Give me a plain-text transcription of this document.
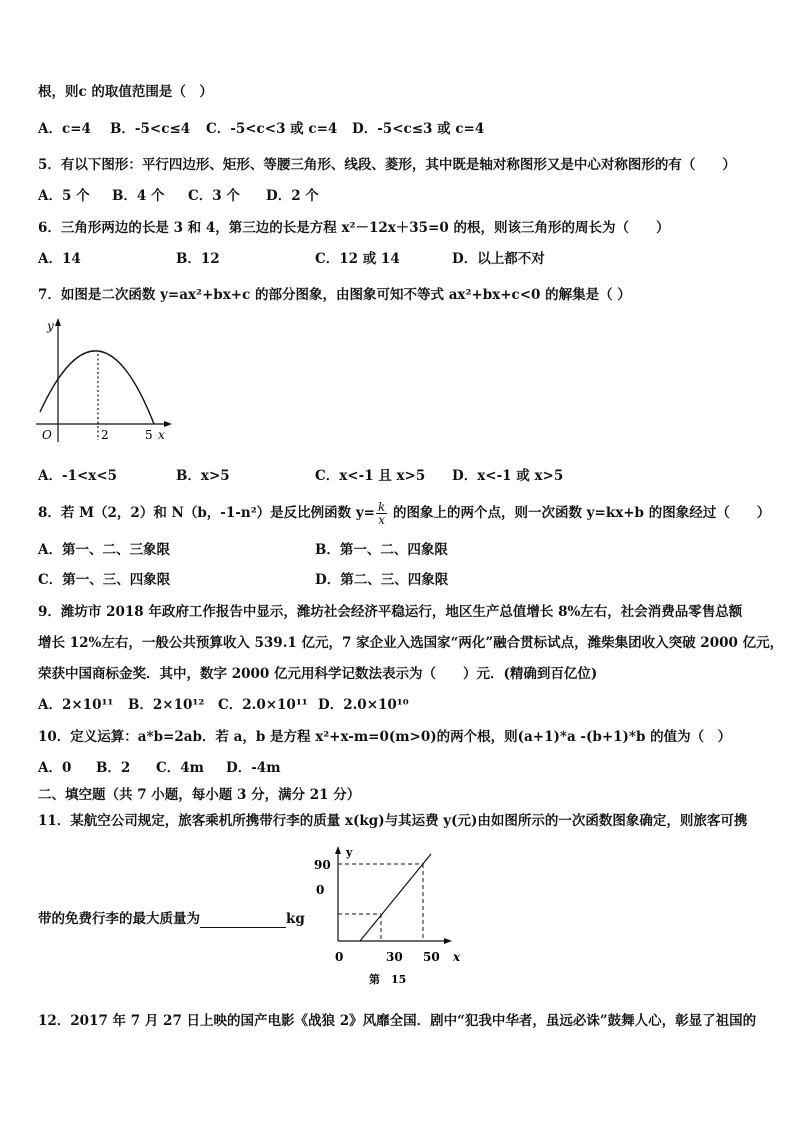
根，则c 的取值范围是（　）
A．c=4 B．-5<c≤4 C．-5<c<3 或 c=4 D．-5<c≤3 或 c=4
5．有以下图形：平行四边形、矩形、等腰三角形、线段、菱形，其中既是轴对称图形又是中心对称图形的有（　　）
A．5 个 B．4 个 C．3 个 D．2 个
6．三角形两边的长是 3 和 4，第三边的长是方程 x²－12x＋35=0 的根，则该三角形的周长为（　　）
A．14	B．12	C．12 或 14	D．以上都不对
7．如图是二次函数 y=ax²+bx+c 的部分图象，由图象可知不等式 ax²+bx+c<0 的解集是（ ）
y
O	2	5 x
A．-1<x<5	B．x>5	C．x<-1 且 x>5 D．x<-1 或 x>5
8．若 M（2，2）和 N（b，-1-n²）是反比例函数 $y= \frac{k}{x}$ 的图象上的两个点，则一次函数 y=kx+b 的图象经过（　　）
A．第一、二、三象限	B．第一、二、四象限
C．第一、三、四象限	D．第二、三、四象限
9．潍坊市 2018 年政府工作报告中显示，潍坊社会经济平稳运行，地区生产总值增长 8%左右，社会消费品零售总额
增长 12%左右，一般公共预算收入 539.1 亿元，7 家企业入选国家“两化”融合贯标试点，潍柴集团收入突破 2000 亿元，
荣获中国商标金奖．其中，数字 2000 亿元用科学记数法表示为（　　）元．(精确到百亿位)
A．2×10¹¹ B．2×10¹² C．2.0×10¹¹ D．2.0×10¹⁰
10．定义运算：a*b=2ab．若 a，b 是方程 x²+x-m=0(m>0)的两个根，则(a+1)*a -(b+1)*b 的值为（　）
A．0 B．2 C．4m D．-4m
二、填空题（共 7 小题，每小题 3 分，满分 21 分）
11．某航空公司规定，旅客乘机所携带行李的质量 x(kg)与其运费 y(元)由如图所示的一次函数图象确定，则旅客可携
带的免费行李的最大质量为	kg
y
90
0
0	30 50 x
第　15
12．2017 年 7 月 27 日上映的国产电影《战狼 2》风靡全国．剧中“犯我中华者，虽远必诛”鼓舞人心，彰显了祖国的
